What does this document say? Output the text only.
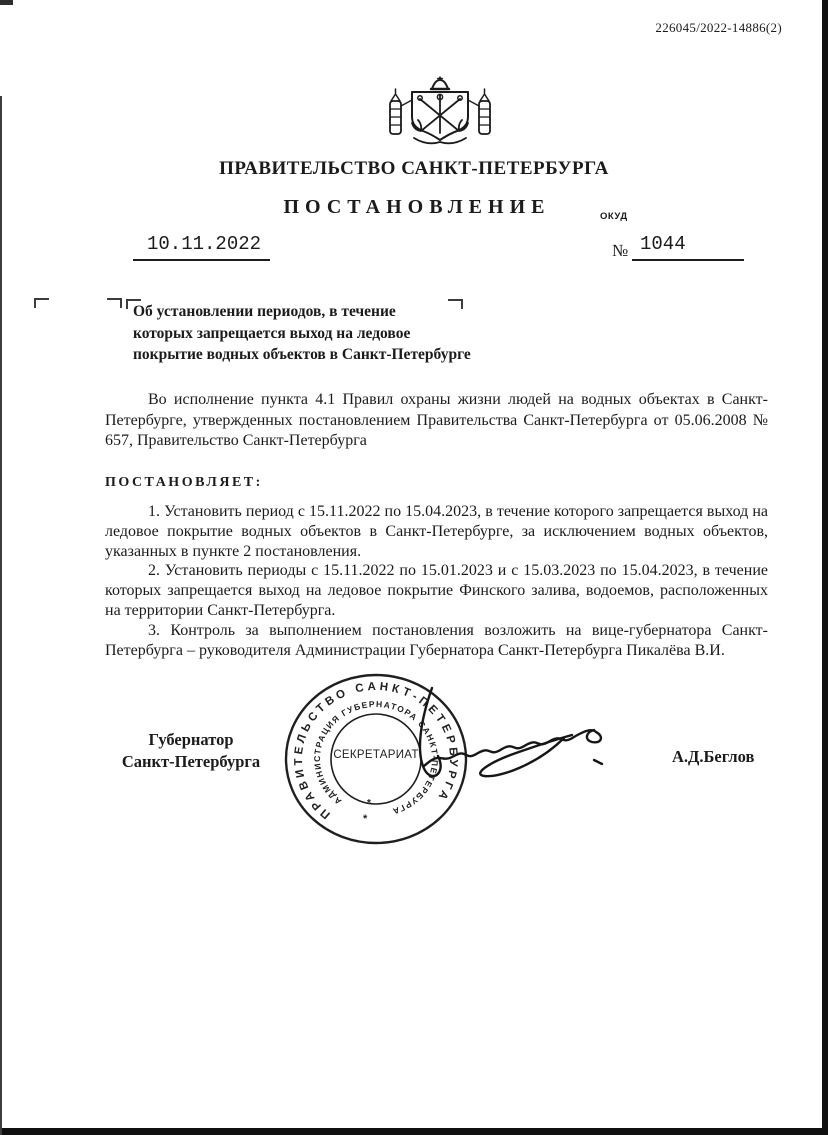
226045/2022-14886(2)
ПРАВИТЕЛЬСТВО САНКТ-ПЕТЕРБУРГА
ПОСТАНОВЛЕНИЕ	ОКУД
10.11.2022	№ 1044
Об установлении периодов, в течение
которых запрещается выход на ледовое
покрытие водных объектов в Санкт-Петербурге
Во исполнение пункта 4.1 Правил охраны жизни людей на водных объектах в Санкт-Петербурге, утвержденных постановлением Правительства Санкт-Петербурга от 05.06.2008 № 657, Правительство Санкт-Петербурга
ПОСТАНОВЛЯЕТ:

1. Установить период с 15.11.2022 по 15.04.2023, в течение которого запрещается выход на ледовое покрытие водных объектов в Санкт-Петербурге, за исключением водных объектов, указанных в пункте 2 постановления.

2. Установить периоды с 15.11.2022 по 15.01.2023 и с 15.03.2023 по 15.04.2023, в течение которых запрещается выход на ледовое покрытие Финского залива, водоемов, расположенных на территории Санкт-Петербурга.

3. Контроль за выполнением постановления возложить на вице-губернатора Санкт-Петербурга – руководителя Администрации Губернатора Санкт-Петербурга Пикалёва В.И.

Губернатор
Санкт-Петербурга	А.Д.Беглов
ПРАВИТЕЛЬСТВО САНКТ-ПЕТЕРБУРГА
АДМИНИСТРАЦИЯ ГУБЕРНАТОРА САНКТ-ПЕТЕРБУРГА
СЕКРЕТАРИАТ
*
*
